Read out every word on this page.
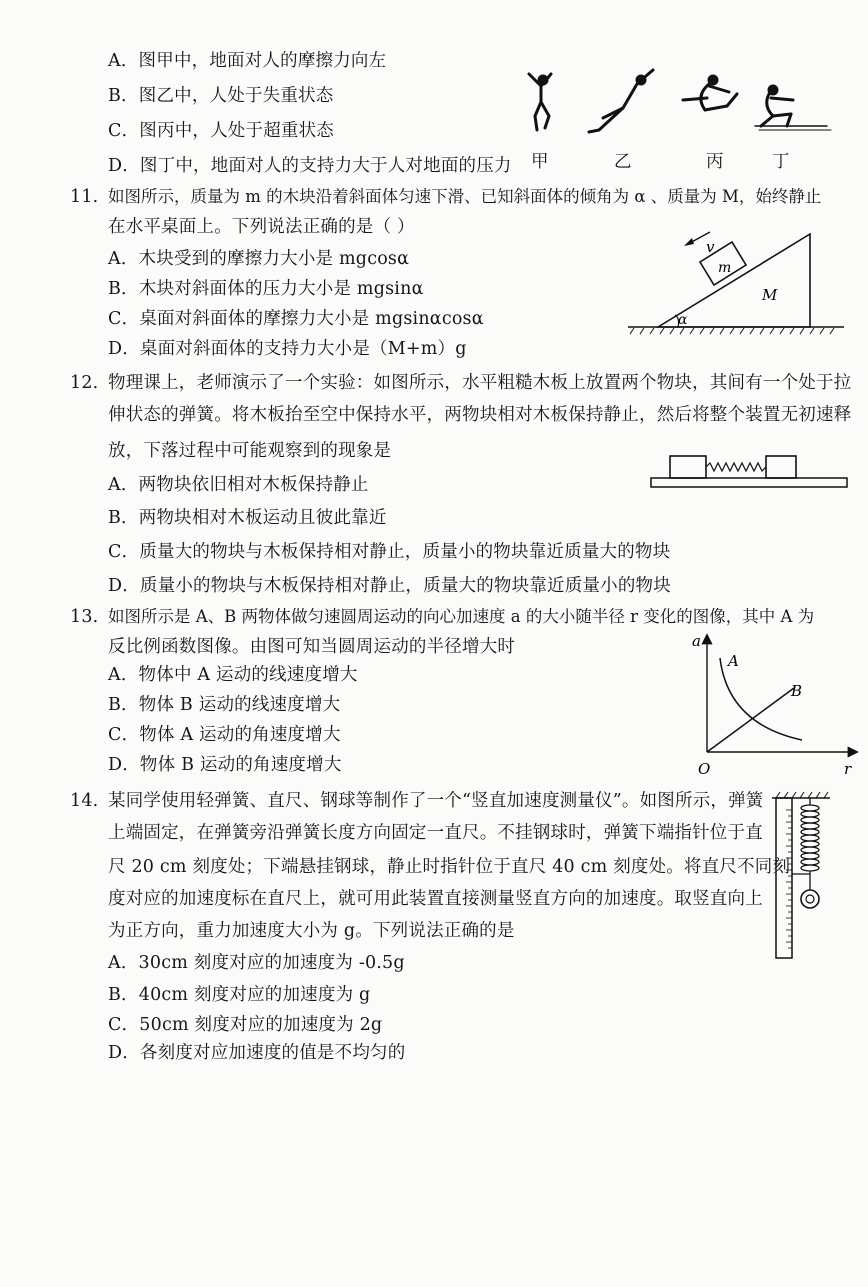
A．图甲中，地面对人的摩擦力向左
B．图乙中，人处于失重状态
C．图丙中，人处于超重状态
D．图丁中，地面对人的支持力大于人对地面的压力 甲	乙	丙	丁
11. 如图所示，质量为 m 的木块沿着斜面体匀速下滑、已知斜面体的倾角为 α 、质量为 M，始终静止
在水平桌面上。下列说法正确的是（ ）
A．木块受到的摩擦力大小是 mgcosα
B．木块对斜面体的压力大小是 mgsinα
C．桌面对斜面体的摩擦力大小是 mgsinαcosα
D．桌面对斜面体的支持力大小是（M+m）g
v
m
M
α
12. 物理课上，老师演示了一个实验：如图所示，水平粗糙木板上放置两个物块，其间有一个处于拉
伸状态的弹簧。将木板抬至空中保持水平，两物块相对木板保持静止，然后将整个装置无初速释
放，下落过程中可能观察到的现象是
A．两物块依旧相对木板保持静止
B．两物块相对木板运动且彼此靠近
C．质量大的物块与木板保持相对静止，质量小的物块靠近质量大的物块
D．质量小的物块与木板保持相对静止，质量大的物块靠近质量小的物块
13. 如图所示是 A、B 两物体做匀速圆周运动的向心加速度 a 的大小随半径 r 变化的图像，其中 A 为
反比例函数图像。由图可知当圆周运动的半径增大时
A．物体中 A 运动的线速度增大
B．物体 B 运动的线速度增大
C．物体 A 运动的角速度增大
D．物体 B 运动的角速度增大
a
r
O
A
B
14. 某同学使用轻弹簧、直尺、钢球等制作了一个“竖直加速度测量仪”。如图所示，弹簧
上端固定，在弹簧旁沿弹簧长度方向固定一直尺。不挂钢球时，弹簧下端指针位于直
尺 20 cm 刻度处；下端悬挂钢球，静止时指针位于直尺 40 cm 刻度处。将直尺不同刻
度对应的加速度标在直尺上，就可用此装置直接测量竖直方向的加速度。取竖直向上
为正方向，重力加速度大小为 g。下列说法正确的是
A．30cm 刻度对应的加速度为 -0.5g
B．40cm 刻度对应的加速度为 g
C．50cm 刻度对应的加速度为 2g
D．各刻度对应加速度的值是不均匀的
